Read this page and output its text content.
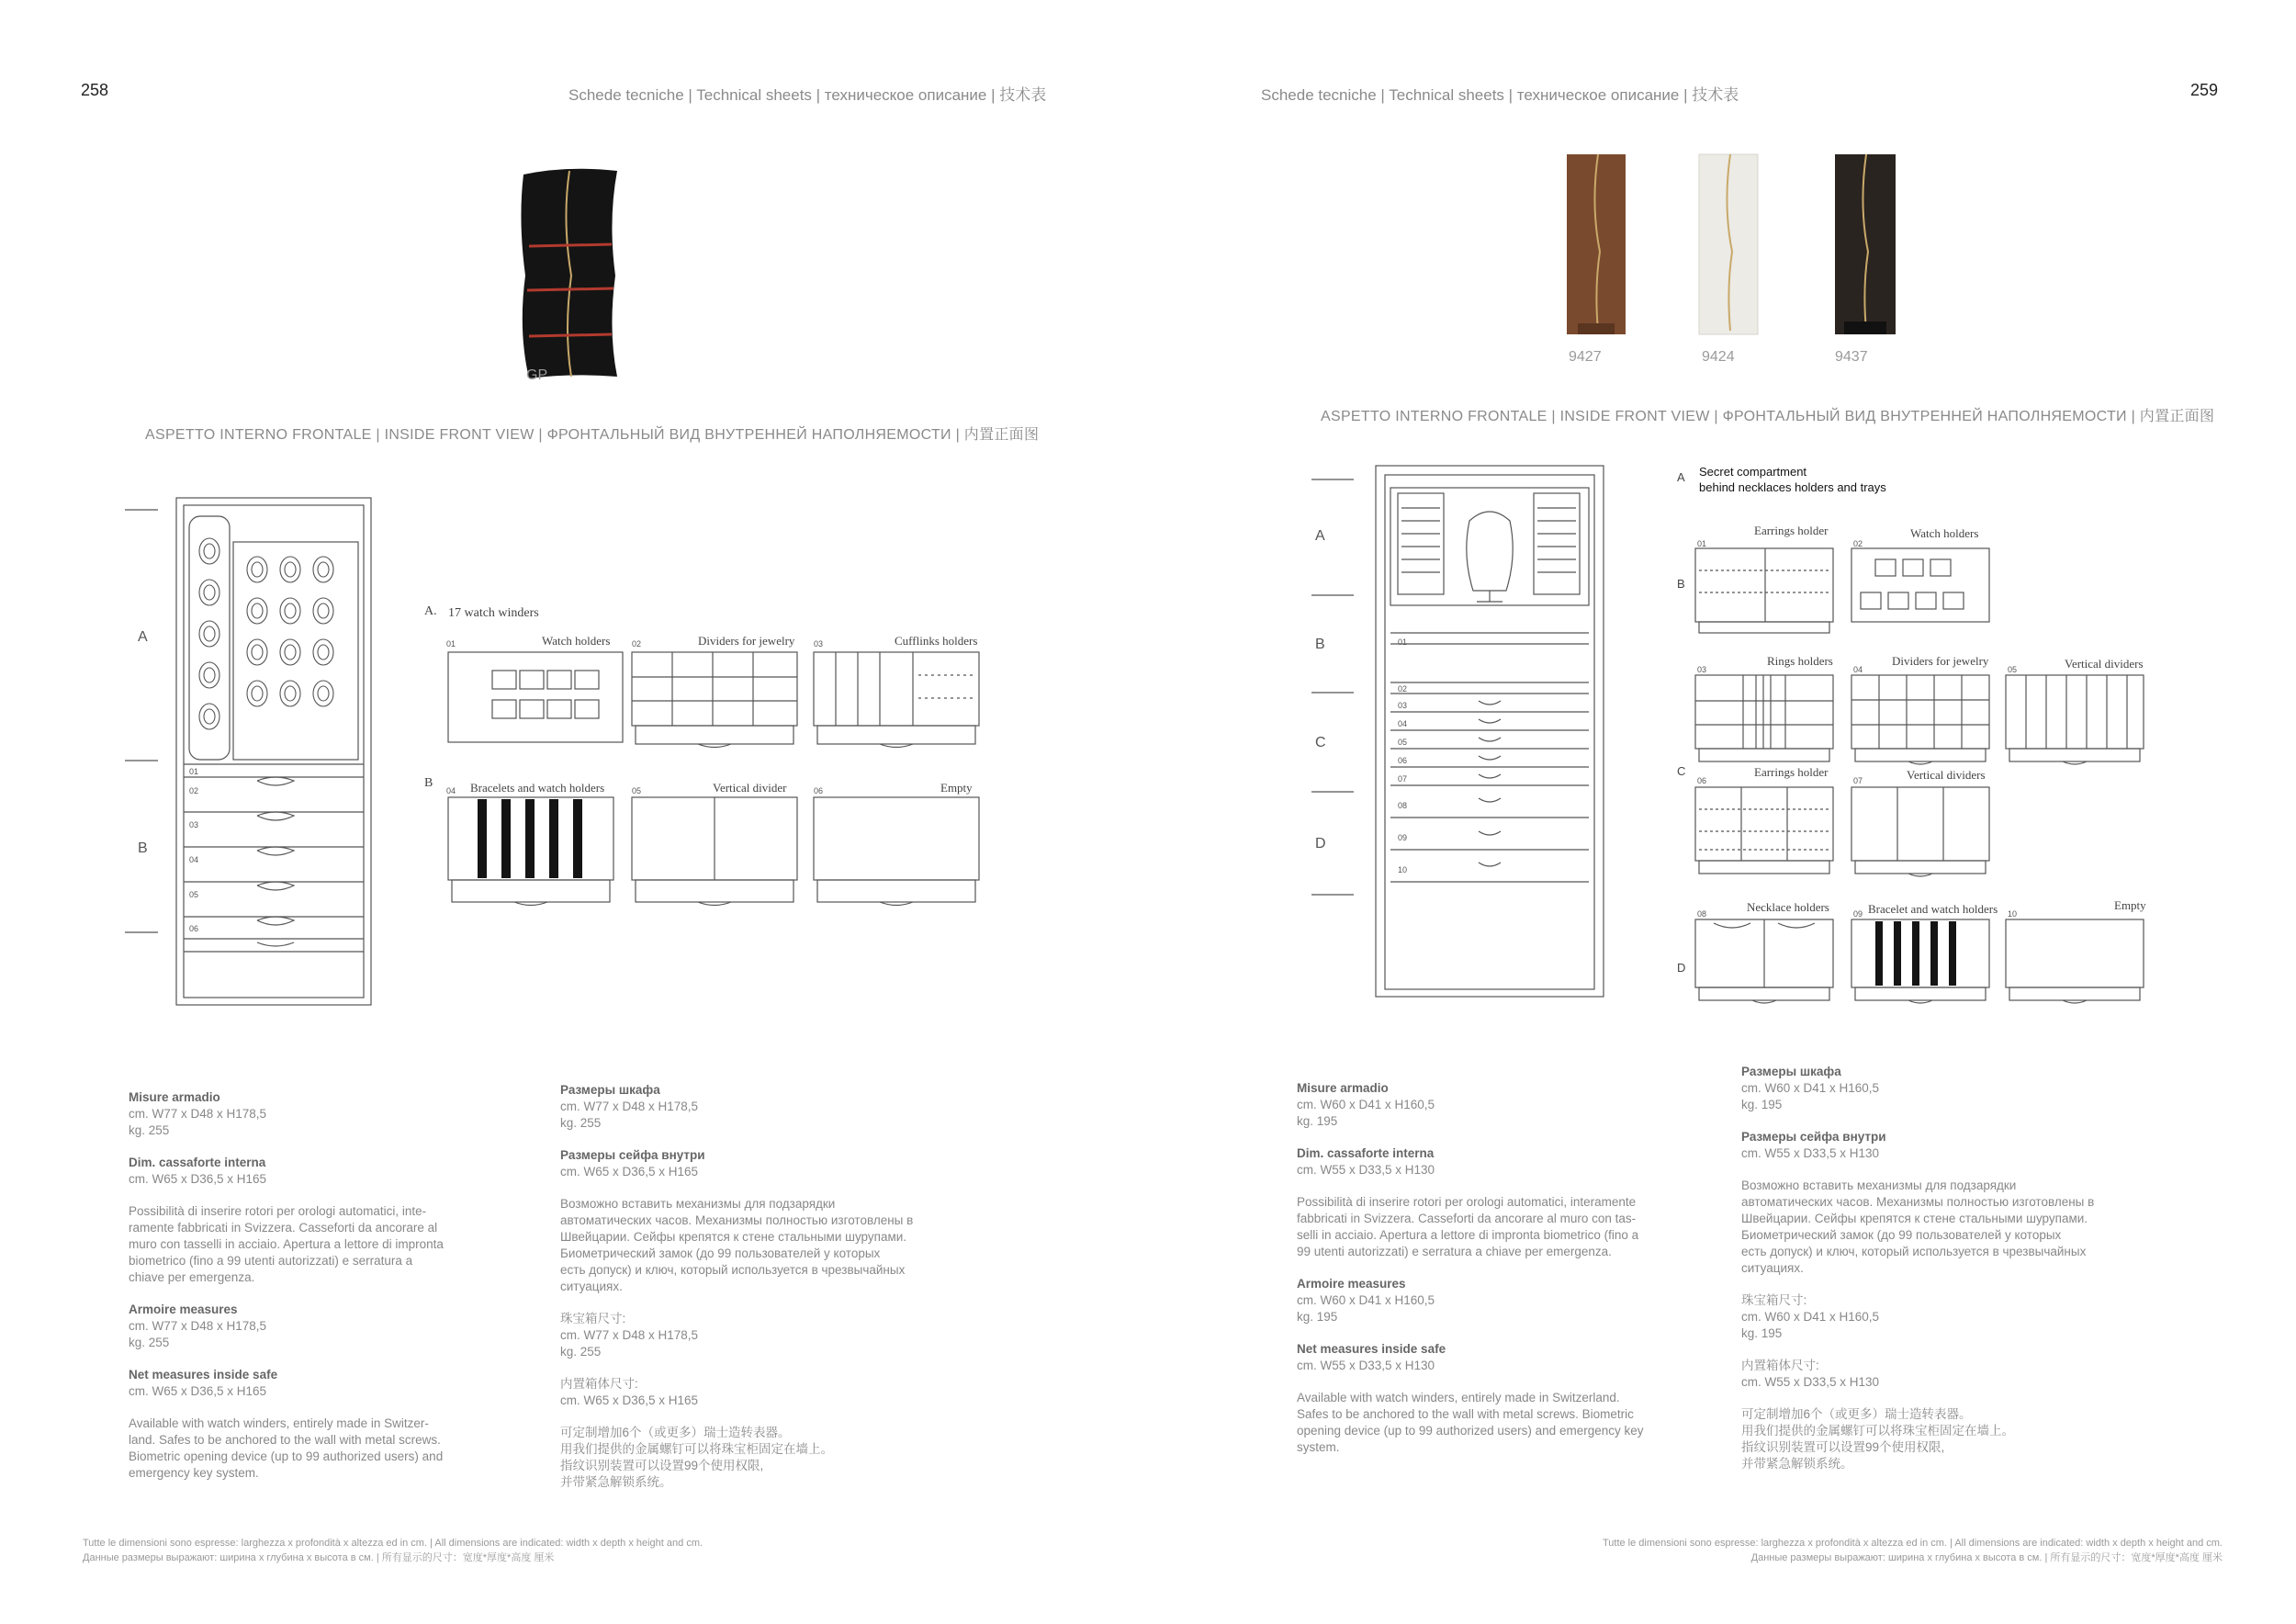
258	Schede tecniche | Technical sheets | техническое описание | 技术表
GP
ASPETTO INTERNO FRONTALE | INSIDE FRONT VIEW | ФРОНТАЛЬНЫЙ ВИД ВНУТРЕННЕЙ НАПОЛНЯЕМОСТИ | 内置正面图
A
B
01
02
03
04
05
06
A. 17 watch winders
B
01	Watch holders	02	Dividers for jewelry 03	Cufflinks holders
04 Bracelets and watch holders	05	Vertical divider	06	Empty
Misure armadio
cm. W77 x D48 x H178,5

kg. 255

Dim. cassaforte interna

cm. W65 x D36,5 x H165

Possibilità di inserire rotori per orologi automatici, inte-
ramente fabbricati in Svizzera. Casseforti da ancorare al
muro con tasselli in acciaio. Apertura a lettore di impronta
biometrico (fino a 99 utenti autorizzati) e serratura a
chiave per emergenza.

Armoire measures
cm. W77 x D48 x H178,5

kg. 255

Net measures inside safe

cm. W65 x D36,5 x H165

Available with watch winders, entirely made in Switzer-
land. Safes to be anchored to the wall with metal screws.
Biometric opening device (up to 99 authorized users) and
emergency key system.

Размеры шкафа
cm. W77 x D48 x H178,5

kg. 255

Размеры сейфа внутри

cm. W65 x D36,5 x H165

Возможно вставить механизмы для подзарядки
автоматических часов. Механизмы полностью изготовлены в
Швейцарии. Сейфы крепятся к стене стальными шурупами.
Биометрический замок (до 99 пользователей у которых
есть допуск) и ключ, который используется в чрезвычайных
ситуациях.

珠宝箱尺寸:
cm. W77 x D48 x H178,5

kg. 255

内置箱体尺寸:

cm. W65 x D36,5 x H165

可定制增加6个（或更多）瑞士造转表器。
用我们提供的金属螺钉可以将珠宝柜固定在墙上。
指纹识别装置可以设置99个使用权限,
并带紧急解锁系统。

Tutte le dimensioni sono espresse: larghezza x profondità x altezza ed in cm. | All dimensions are indicated: width x depth x height and cm.
Данные размеры выражают: ширина x глубина x высота в см. | 所有显示的尺寸：宽度*厚度*高度 厘米
Schede tecniche | Technical sheets | техническое описание | 技术表	259
9427	9424	9437
ASPETTO INTERNO FRONTALE | INSIDE FRONT VIEW | ФРОНТАЛЬНЫЙ ВИД ВНУТРЕННЕЙ НАПОЛНЯЕМОСТИ | 内置正面图
A
B
C
D
01
02
03
04
05
06
07
08
09
10
A Secret compartment
behind necklaces holders and trays
B
C
D
01
Earrings holder
02
Watch holders
03
Rings holders
04
Dividers for jewelry
05	Vertical dividers
06
Earrings holder
07	Vertical dividers
08	Necklace holders	09 Bracelet and watch holders 10
Empty
Misure armadio
cm. W60 x D41 x H160,5

kg. 195

Dim. cassaforte interna

cm. W55 x D33,5 x H130

Possibilità di inserire rotori per orologi automatici, interamente
fabbricati in Svizzera. Casseforti da ancorare al muro con tas-
selli in acciaio. Apertura a lettore di impronta biometrico (fino a
99 utenti autorizzati) e serratura a chiave per emergenza.

Armoire measures
cm. W60 x D41 x H160,5

kg. 195

Net measures inside safe

cm. W55 x D33,5 x H130

Available with watch winders, entirely made in Switzerland.
Safes to be anchored to the wall with metal screws. Biometric
opening device (up to 99 authorized users) and emergency key
system.

Размеры шкафа
cm. W60 x D41 x H160,5

kg. 195

Размеры сейфа внутри

cm. W55 x D33,5 x H130

Возможно вставить механизмы для подзарядки
автоматических часов. Механизмы полностью изготовлены в
Швейцарии. Сейфы крепятся к стене стальными шурупами.
Биометрический замок (до 99 пользователей у которых
есть допуск) и ключ, который используется в чрезвычайных
ситуациях.

珠宝箱尺寸:
cm. W60 x D41 x H160,5

kg. 195

内置箱体尺寸:

cm. W55 x D33,5 x H130

可定制增加6个（或更多）瑞士造转表器。
用我们提供的金属螺钉可以将珠宝柜固定在墙上。
指纹识别装置可以设置99个使用权限,
并带紧急解锁系统。

Tutte le dimensioni sono espresse: larghezza x profondità x altezza ed in cm. | All dimensions are indicated: width x depth x height and cm.
Данные размеры выражают: ширина x глубина x высота в см. | 所有显示的尺寸：宽度*厚度*高度 厘米
